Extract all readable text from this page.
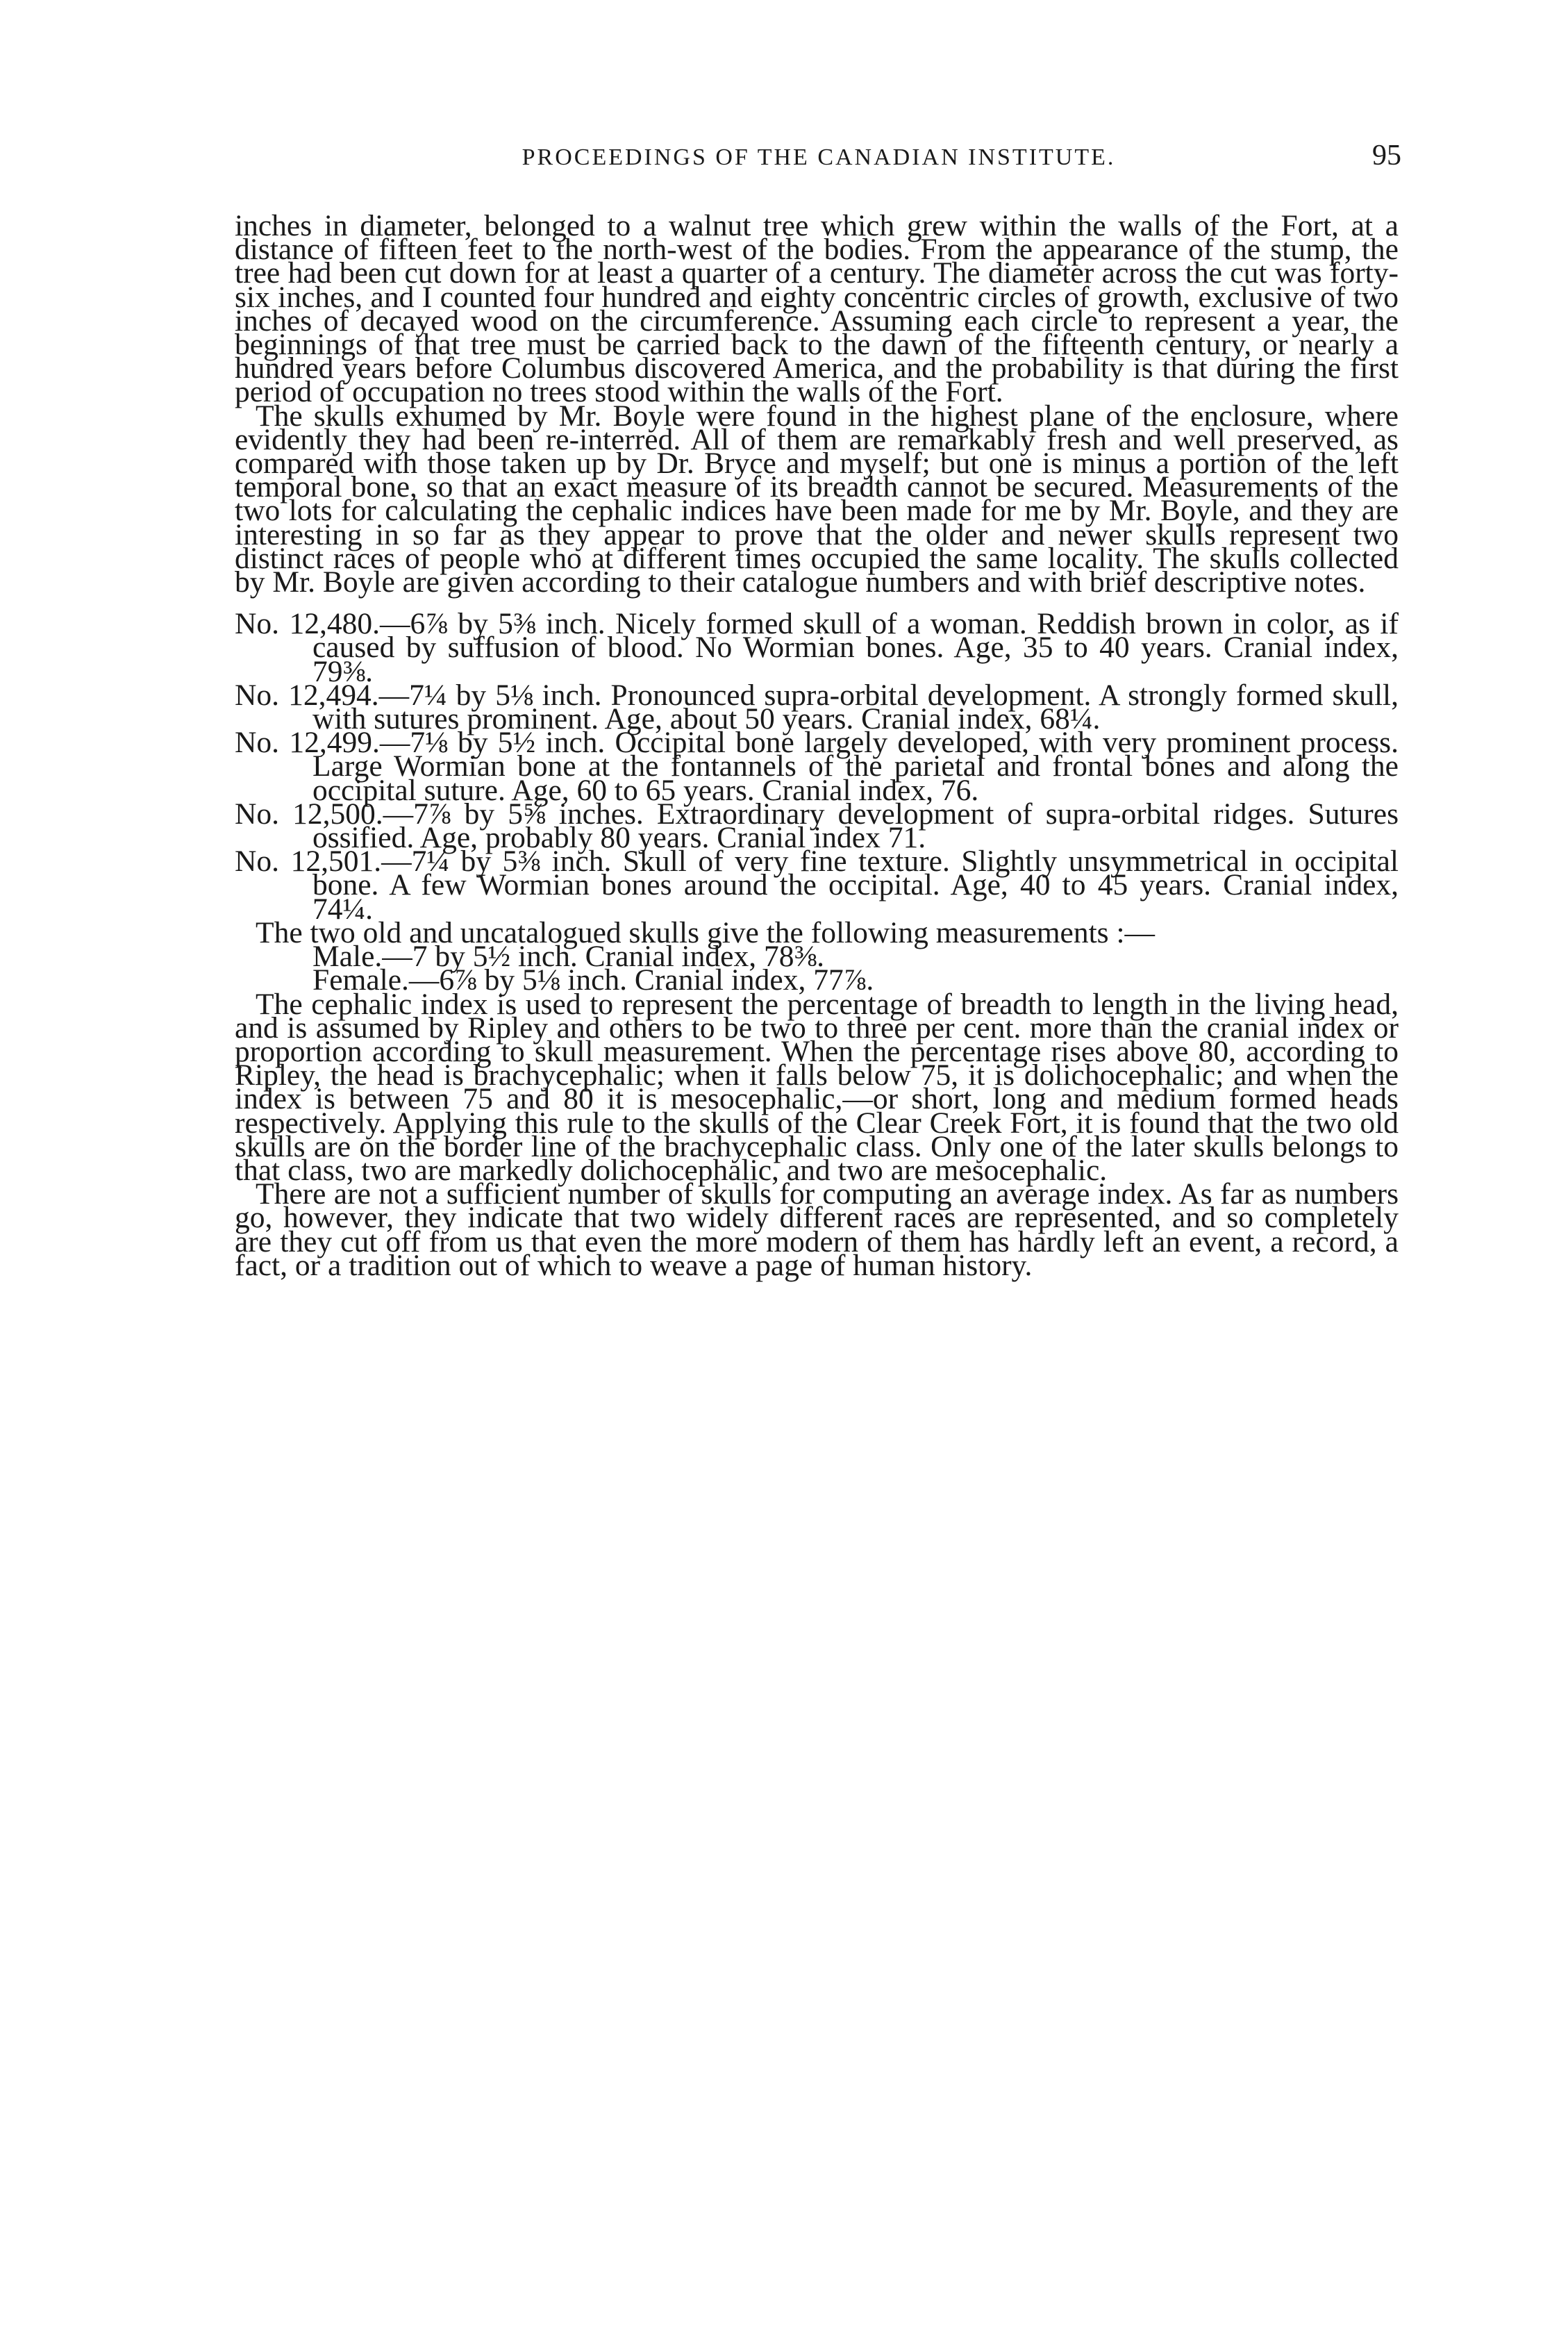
PROCEEDINGS OF THE CANADIAN INSTITUTE.	95

inches in diameter, belonged to a walnut tree which grew within the walls of the Fort, at a distance of fifteen feet to the north-west of the bodies. From the appearance of the stump, the tree had been cut down for at least a quarter of a century. The diameter across the cut was forty-six inches, and I counted four hundred and eighty concentric circles of growth, exclusive of two inches of decayed wood on the circumference. Assuming each circle to represent a year, the beginnings of that tree must be carried back to the dawn of the fifteenth century, or nearly a hundred years before Columbus discovered America, and the probability is that during the first period of occupation no trees stood within the walls of the Fort.

The skulls exhumed by Mr. Boyle were found in the highest plane of the enclosure, where evidently they had been re-interred. All of them are remarkably fresh and well preserved, as compared with those taken up by Dr. Bryce and myself; but one is minus a portion of the left temporal bone, so that an exact measure of its breadth cannot be secured. Measurements of the two lots for calculating the cephalic indices have been made for me by Mr. Boyle, and they are interesting in so far as they appear to prove that the older and newer skulls represent two distinct races of people who at different times occupied the same locality. The skulls collected by Mr. Boyle are given according to their catalogue numbers and with brief descriptive notes.

No. 12,480.—6⅞ by 5⅜ inch. Nicely formed skull of a woman. Reddish brown in color, as if caused by suffusion of blood. No Wormian bones. Age, 35 to 40 years. Cranial index, 79⅜.

No. 12,494.—7¼ by 5⅛ inch. Pronounced supra-orbital development. A strongly formed skull, with sutures prominent. Age, about 50 years. Cranial index, 68¼.

No. 12,499.—7⅛ by 5½ inch. Occipital bone largely developed, with very prominent process. Large Wormian bone at the fontannels of the parietal and frontal bones and along the occipital suture. Age, 60 to 65 years. Cranial index, 76.

No. 12,500.—7⅞ by 5⅝ inches. Extraordinary development of supra-orbital ridges. Sutures ossified. Age, probably 80 years. Cranial index 71.

No. 12,501.—7¼ by 5⅜ inch. Skull of very fine texture. Slightly unsymmetrical in occipital bone. A few Wormian bones around the occipital. Age, 40 to 45 years. Cranial index, 74¼.

The two old and uncatalogued skulls give the following measurements :—

Male.—7 by 5½ inch. Cranial index, 78⅜.

Female.—6⅞ by 5⅛ inch. Cranial index, 77⅞.

The cephalic index is used to represent the percentage of breadth to length in the living head, and is assumed by Ripley and others to be two to three per cent. more than the cranial index or proportion according to skull measurement. When the percentage rises above 80, according to Ripley, the head is brachycephalic; when it falls below 75, it is dolichocephalic; and when the index is between 75 and 80 it is mesocephalic,—or short, long and medium formed heads respectively. Applying this rule to the skulls of the Clear Creek Fort, it is found that the two old skulls are on the border line of the brachycephalic class. Only one of the later skulls belongs to that class, two are markedly dolichocephalic, and two are mesocephalic.

There are not a sufficient number of skulls for computing an average index. As far as numbers go, however, they indicate that two widely different races are represented, and so completely are they cut off from us that even the more modern of them has hardly left an event, a record, a fact, or a tradition out of which to weave a page of human history.
